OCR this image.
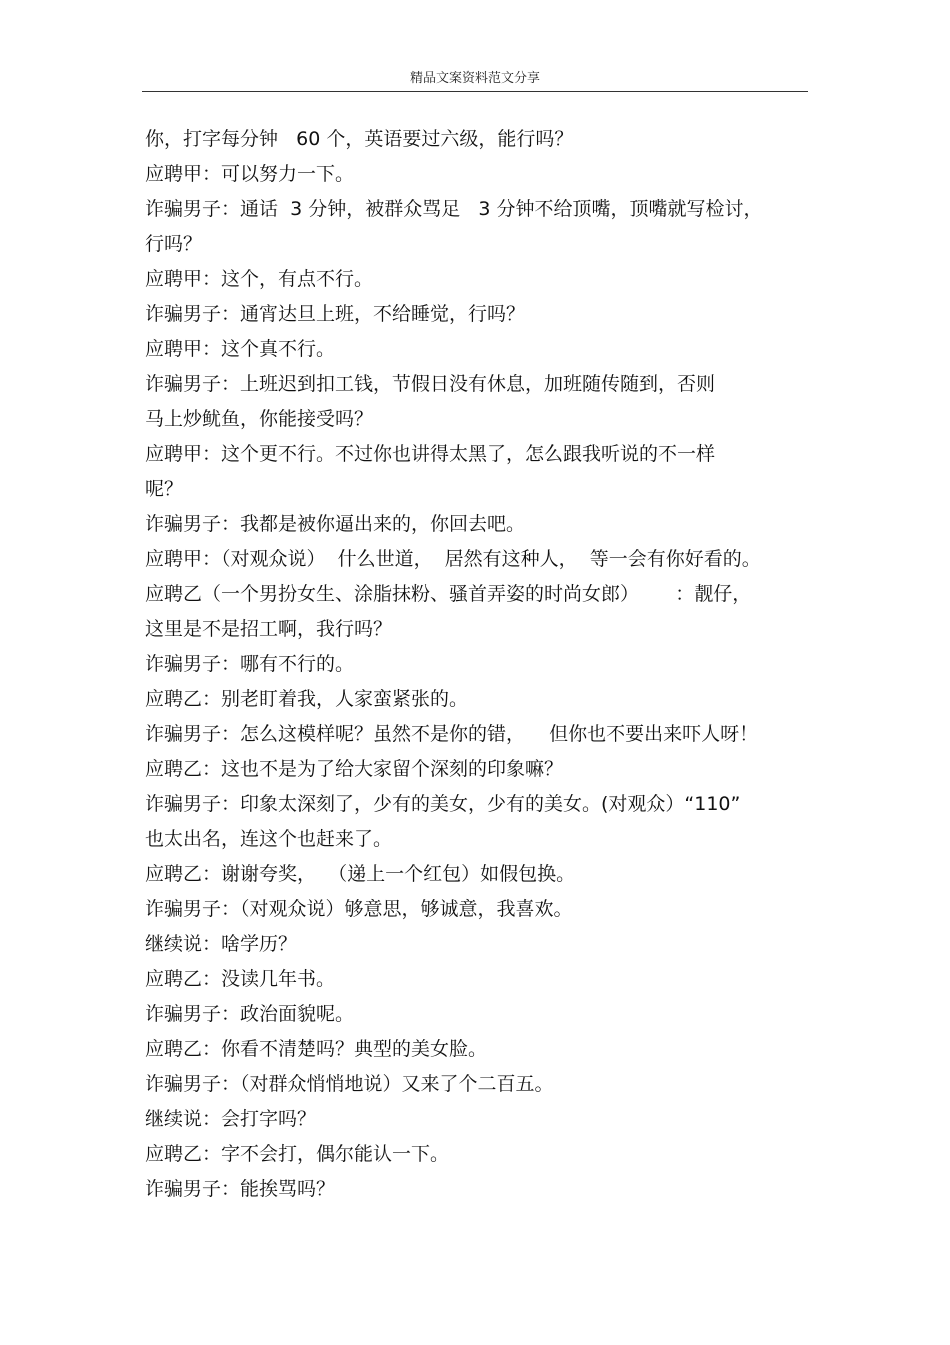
精品文案资料范文分享
你，打字每分钟   60 个，英语要过六级，能行吗？
应聘甲：可以努力一下。
诈骗男子：通话  3 分钟，被群众骂足   3 分钟不给顶嘴，顶嘴就写检讨，
行吗？
应聘甲：这个，有点不行。
诈骗男子：通宵达旦上班，不给睡觉，行吗？
应聘甲：这个真不行。
诈骗男子：上班迟到扣工钱，节假日没有休息，加班随传随到，否则
马上炒鱿鱼，你能接受吗？
应聘甲：这个更不行。不过你也讲得太黑了，怎么跟我听说的不一样
呢？
诈骗男子：我都是被你逼出来的，你回去吧。
应聘甲：（对观众说）  什么世道，  居然有这种人，  等一会有你好看的。
应聘乙（一个男扮女生、涂脂抹粉、骚首弄姿的时尚女郎）      ：靓仔，
这里是不是招工啊，我行吗？
诈骗男子：哪有不行的。
应聘乙：别老盯着我，人家蛮紧张的。
诈骗男子：怎么这模样呢？虽然不是你的错，    但你也不要出来吓人呀！
应聘乙：这也不是为了给大家留个深刻的印象嘛？
诈骗男子：印象太深刻了，少有的美女，少有的美女。(对观众）“110”
也太出名，连这个也赶来了。
应聘乙：谢谢夸奖，  （递上一个红包）如假包换。
诈骗男子：（对观众说）够意思，够诚意，我喜欢。
继续说：啥学历？
应聘乙：没读几年书。
诈骗男子：政治面貌呢。
应聘乙：你看不清楚吗？典型的美女脸。
诈骗男子：（对群众悄悄地说）又来了个二百五。
继续说：会打字吗？
应聘乙：字不会打，偶尔能认一下。
诈骗男子：能挨骂吗？
